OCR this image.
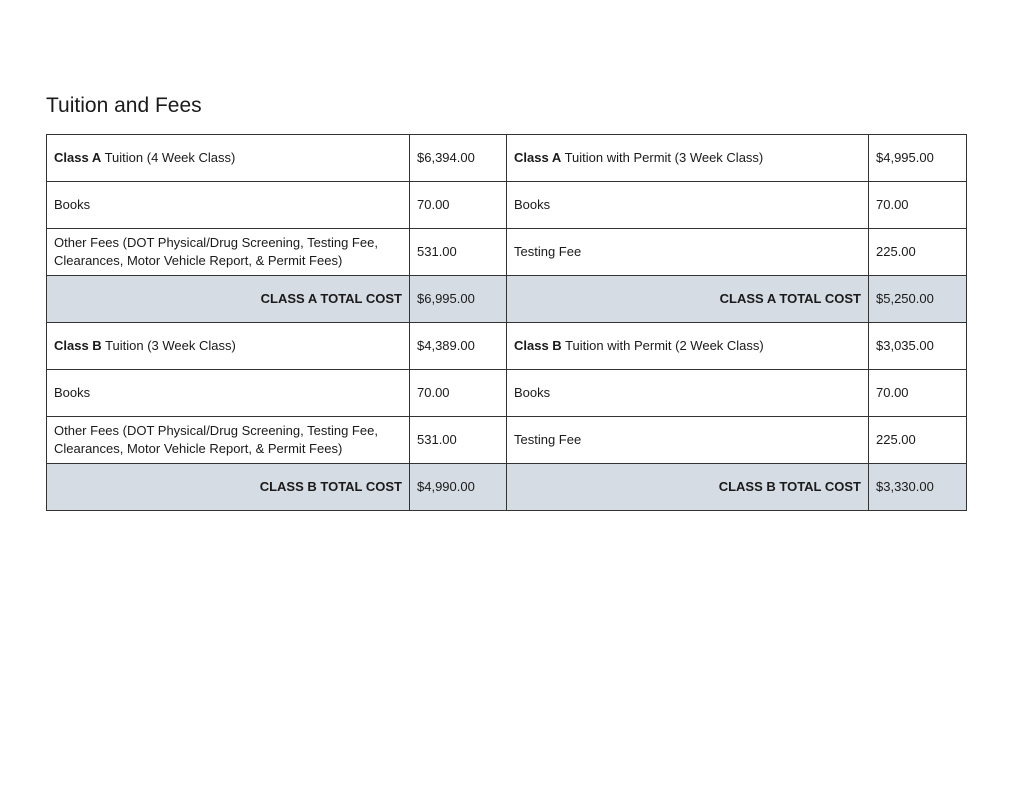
Tuition and Fees
Class A Tuition (4 Week Class)	$6,394.00	Class A Tuition with Permit (3 Week Class)	$4,995.00
Books	70.00	Books	70.00
Other Fees (DOT Physical/Drug Screening, Testing Fee,
Clearances, Motor Vehicle Report, & Permit Fees)	531.00	Testing Fee	225.00
CLASS A TOTAL COST	$6,995.00	CLASS A TOTAL COST	$5,250.00
Class B Tuition (3 Week Class)	$4,389.00	Class B Tuition with Permit (2 Week Class)	$3,035.00
Books	70.00	Books	70.00
Other Fees (DOT Physical/Drug Screening, Testing Fee,
Clearances, Motor Vehicle Report, & Permit Fees)	531.00	Testing Fee	225.00
CLASS B TOTAL COST	$4,990.00	CLASS B TOTAL COST	$3,330.00
